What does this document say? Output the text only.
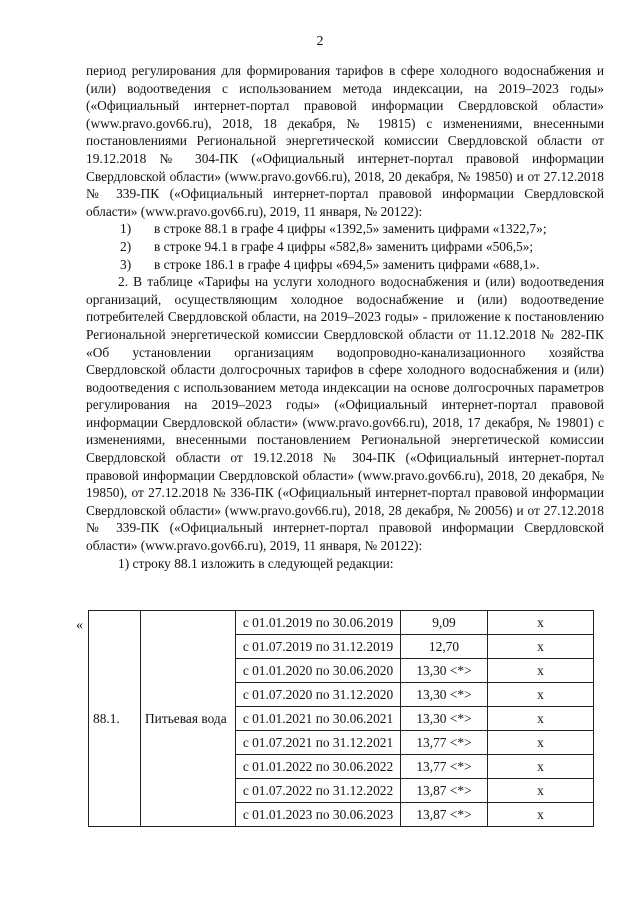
2

период регулирования для формирования тарифов в сфере холодного водоснабжения и (или) водоотведения с использованием метода индексации, на 2019–2023 годы» («Официальный интернет-портал правовой информации Свердловской области» (www.pravo.gov66.ru), 2018, 18 декабря, № 19815) с изменениями, внесенными постановлениями Региональной энергетической комиссии Свердловской области от 19.12.2018 № 304-ПК («Официальный интернет-портал правовой информации Свердловской области» (www.pravo.gov66.ru), 2018, 20 декабря, № 19850) и от 27.12.2018 № 339-ПК («Официальный интернет-портал правовой информации Свердловской области» (www.pravo.gov66.ru), 2019, 11 января, № 20122):

1) в строке 88.1 в графе 4 цифры «1392,5» заменить цифрами «1322,7»;

2) в строке 94.1 в графе 4 цифры «582,8» заменить цифрами «506,5»;

3) в строке 186.1 в графе 4 цифры «694,5» заменить цифрами «688,1».

2. В таблице «Тарифы на услуги холодного водоснабжения и (или) водоотведения организаций, осуществляющим холодное водоснабжение и (или) водоотведение потребителей Свердловской области, на 2019–2023 годы» - приложение к постановлению Региональной энергетической комиссии Свердловской области от 11.12.2018 № 282-ПК «Об установлении организациям водопроводно-канализационного хозяйства Свердловской области долгосрочных тарифов в сфере холодного водоснабжения и (или) водоотведения с использованием метода индексации на основе долгосрочных параметров регулирования на 2019–2023 годы» («Официальный интернет-портал правовой информации Свердловской области» (www.pravo.gov66.ru), 2018, 17 декабря, № 19801) с изменениями, внесенными постановлением Региональной энергетической комиссии Свердловской области от 19.12.2018 № 304-ПК («Официальный интернет-портал правовой информации Свердловской области» (www.pravo.gov66.ru), 2018, 20 декабря, № 19850), от 27.12.2018 № 336-ПК («Официальный интернет-портал правовой информации Свердловской области» (www.pravo.gov66.ru), 2018, 28 декабря, № 20056) и от 27.12.2018 № 339-ПК («Официальный интернет-портал правовой информации Свердловской области» (www.pravo.gov66.ru), 2019, 11 января, № 20122):

1) строку 88.1 изложить в следующей редакции:

«
88.1.	Питьевая вода	с 01.01.2019 по 30.06.2019	9,09	х
		с 01.07.2019 по 31.12.2019	12,70	х
		с 01.01.2020 по 30.06.2020	13,30 <*>	х
		с 01.07.2020 по 31.12.2020	13,30 <*>	х
		с 01.01.2021 по 30.06.2021	13,30 <*>	х
		с 01.07.2021 по 31.12.2021	13,77 <*>	х
		с 01.01.2022 по 30.06.2022	13,77 <*>	х
		с 01.07.2022 по 31.12.2022	13,87 <*>	х
		с 01.01.2023 по 30.06.2023	13,87 <*>	х
